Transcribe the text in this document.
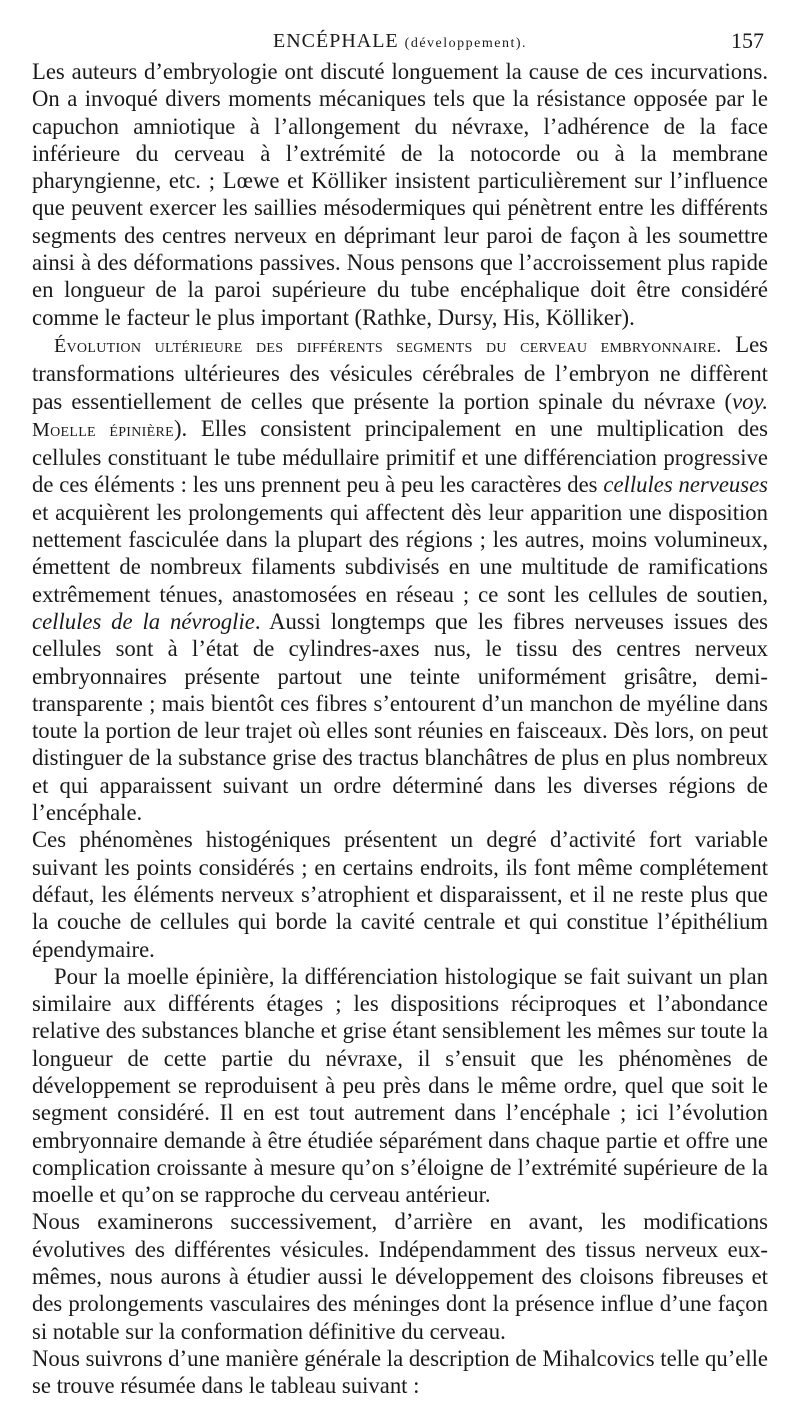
ENCÉPHALE (développement).	157

Les auteurs d’embryologie ont discuté longuement la cause de ces incurvations. On a invoqué divers moments mécaniques tels que la résistance opposée par le capuchon amniotique à l’allongement du névraxe, l’adhérence de la face inférieure du cerveau à l’extrémité de la notocorde ou à la membrane pharyngienne, etc. ; Lœwe et Kölliker insistent particulièrement sur l’influence que peuvent exercer les saillies mésodermiques qui pénètrent entre les différents segments des centres nerveux en déprimant leur paroi de façon à les soumettre ainsi à des déformations passives. Nous pensons que l’accroissement plus rapide en longueur de la paroi supérieure du tube encéphalique doit être considéré comme le facteur le plus important (Rathke, Dursy, His, Kölliker).

Évolution ultérieure des différents segments du cerveau embryonnaire. Les transformations ultérieures des vésicules cérébrales de l’embryon ne diffèrent pas essentiellement de celles que présente la portion spinale du névraxe (voy. Moelle épinière). Elles consistent principalement en une multiplication des cellules constituant le tube médullaire primitif et une différenciation progressive de ces éléments : les uns prennent peu à peu les caractères des cellules nerveuses et acquièrent les prolongements qui affectent dès leur apparition une disposition nettement fasciculée dans la plupart des régions ; les autres, moins volumineux, émettent de nombreux filaments subdivisés en une multitude de ramifications extrêmement ténues, anastomosées en réseau ; ce sont les cellules de soutien, cellules de la névroglie. Aussi longtemps que les fibres nerveuses issues des cellules sont à l’état de cylindres-axes nus, le tissu des centres nerveux embryonnaires présente partout une teinte uniformément grisâtre, demi-transparente ; mais bientôt ces fibres s’entourent d’un manchon de myéline dans toute la portion de leur trajet où elles sont réunies en faisceaux. Dès lors, on peut distinguer de la substance grise des tractus blanchâtres de plus en plus nombreux et qui apparaissent suivant un ordre déterminé dans les diverses régions de l’encéphale.

Ces phénomènes histogéniques présentent un degré d’activité fort variable suivant les points considérés ; en certains endroits, ils font même complétement défaut, les éléments nerveux s’atrophient et disparaissent, et il ne reste plus que la couche de cellules qui borde la cavité centrale et qui constitue l’épithélium épendymaire.

Pour la moelle épinière, la différenciation histologique se fait suivant un plan similaire aux différents étages ; les dispositions réciproques et l’abondance relative des substances blanche et grise étant sensiblement les mêmes sur toute la longueur de cette partie du névraxe, il s’ensuit que les phénomènes de développement se reproduisent à peu près dans le même ordre, quel que soit le segment considéré. Il en est tout autrement dans l’encéphale ; ici l’évolution embryonnaire demande à être étudiée séparément dans chaque partie et offre une complication croissante à mesure qu’on s’éloigne de l’extrémité supérieure de la moelle et qu’on se rapproche du cerveau antérieur.

Nous examinerons successivement, d’arrière en avant, les modifications évolutives des différentes vésicules. Indépendamment des tissus nerveux eux-mêmes, nous aurons à étudier aussi le développement des cloisons fibreuses et des prolongements vasculaires des méninges dont la présence influe d’une façon si notable sur la conformation définitive du cerveau.

Nous suivrons d’une manière générale la description de Mihalcovics telle qu’elle se trouve résumée dans le tableau suivant :
